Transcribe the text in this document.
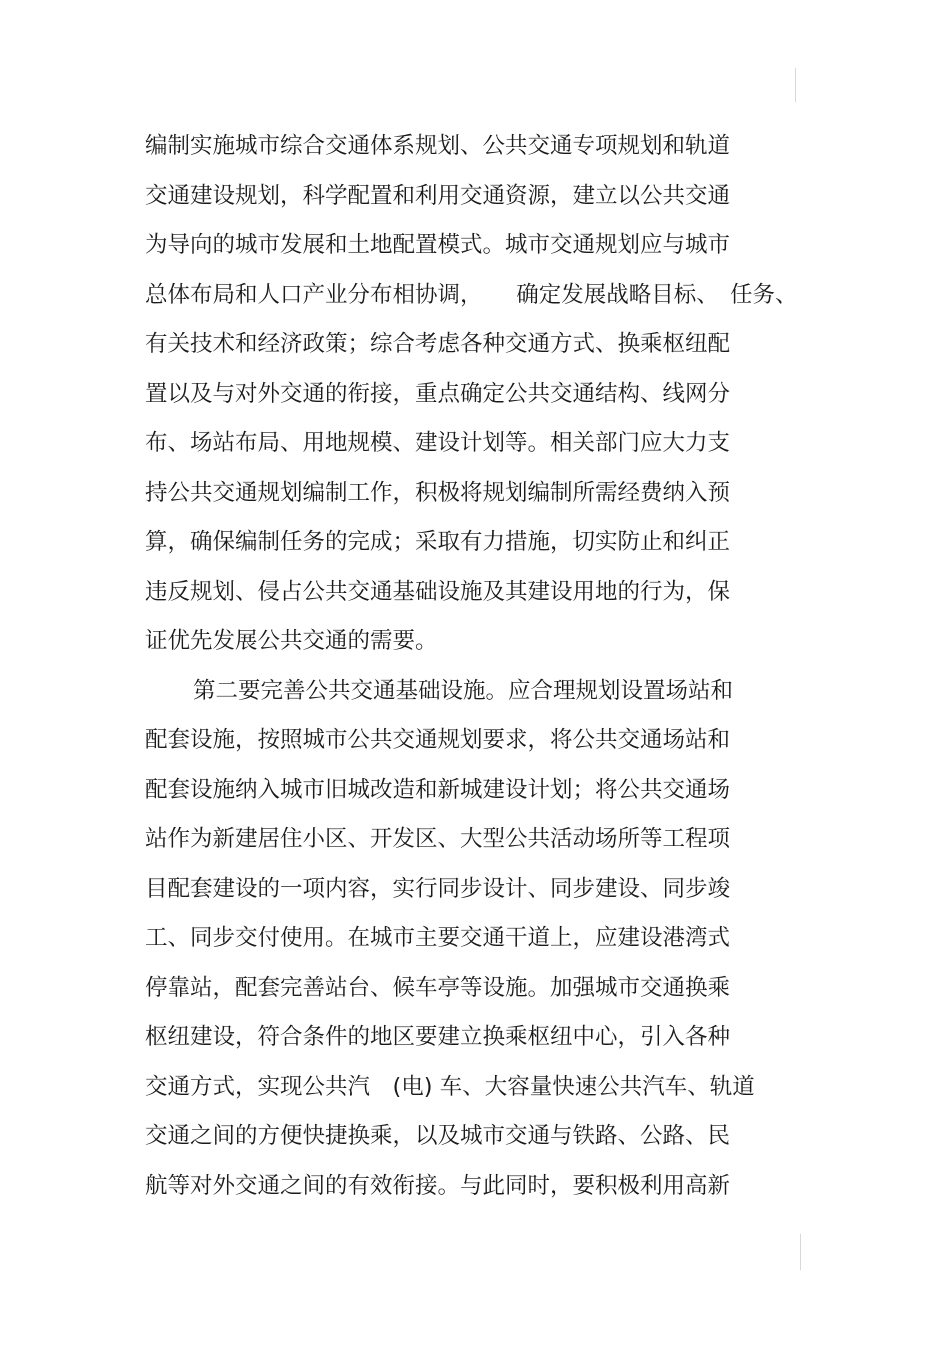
编制实施城市综合交通体系规划、公共交通专项规划和轨道
交通建设规划，科学配置和利用交通资源，建立以公共交通
为导向的城市发展和土地配置模式。城市交通规划应与城市
总体布局和人口产业分布相协调，　　确定发展战略目标、　任务、
有关技术和经济政策；综合考虑各种交通方式、换乘枢纽配
置以及与对外交通的衔接，重点确定公共交通结构、线网分
布、场站布局、用地规模、建设计划等。相关部门应大力支
持公共交通规划编制工作，积极将规划编制所需经费纳入预
算，确保编制任务的完成；采取有力措施，切实防止和纠正
违反规划、侵占公共交通基础设施及其建设用地的行为，保
证优先发展公共交通的需要。
第二要完善公共交通基础设施。应合理规划设置场站和
配套设施，按照城市公共交通规划要求，将公共交通场站和
配套设施纳入城市旧城改造和新城建设计划；将公共交通场
站作为新建居住小区、开发区、大型公共活动场所等工程项
目配套建设的一项内容，实行同步设计、同步建设、同步竣
工、同步交付使用。在城市主要交通干道上，应建设港湾式
停靠站，配套完善站台、候车亭等设施。加强城市交通换乘
枢纽建设，符合条件的地区要建立换乘枢纽中心，引入各种
交通方式，实现公共汽　(电) 车、大容量快速公共汽车、轨道
交通之间的方便快捷换乘，以及城市交通与铁路、公路、民
航等对外交通之间的有效衔接。与此同时，要积极利用高新
